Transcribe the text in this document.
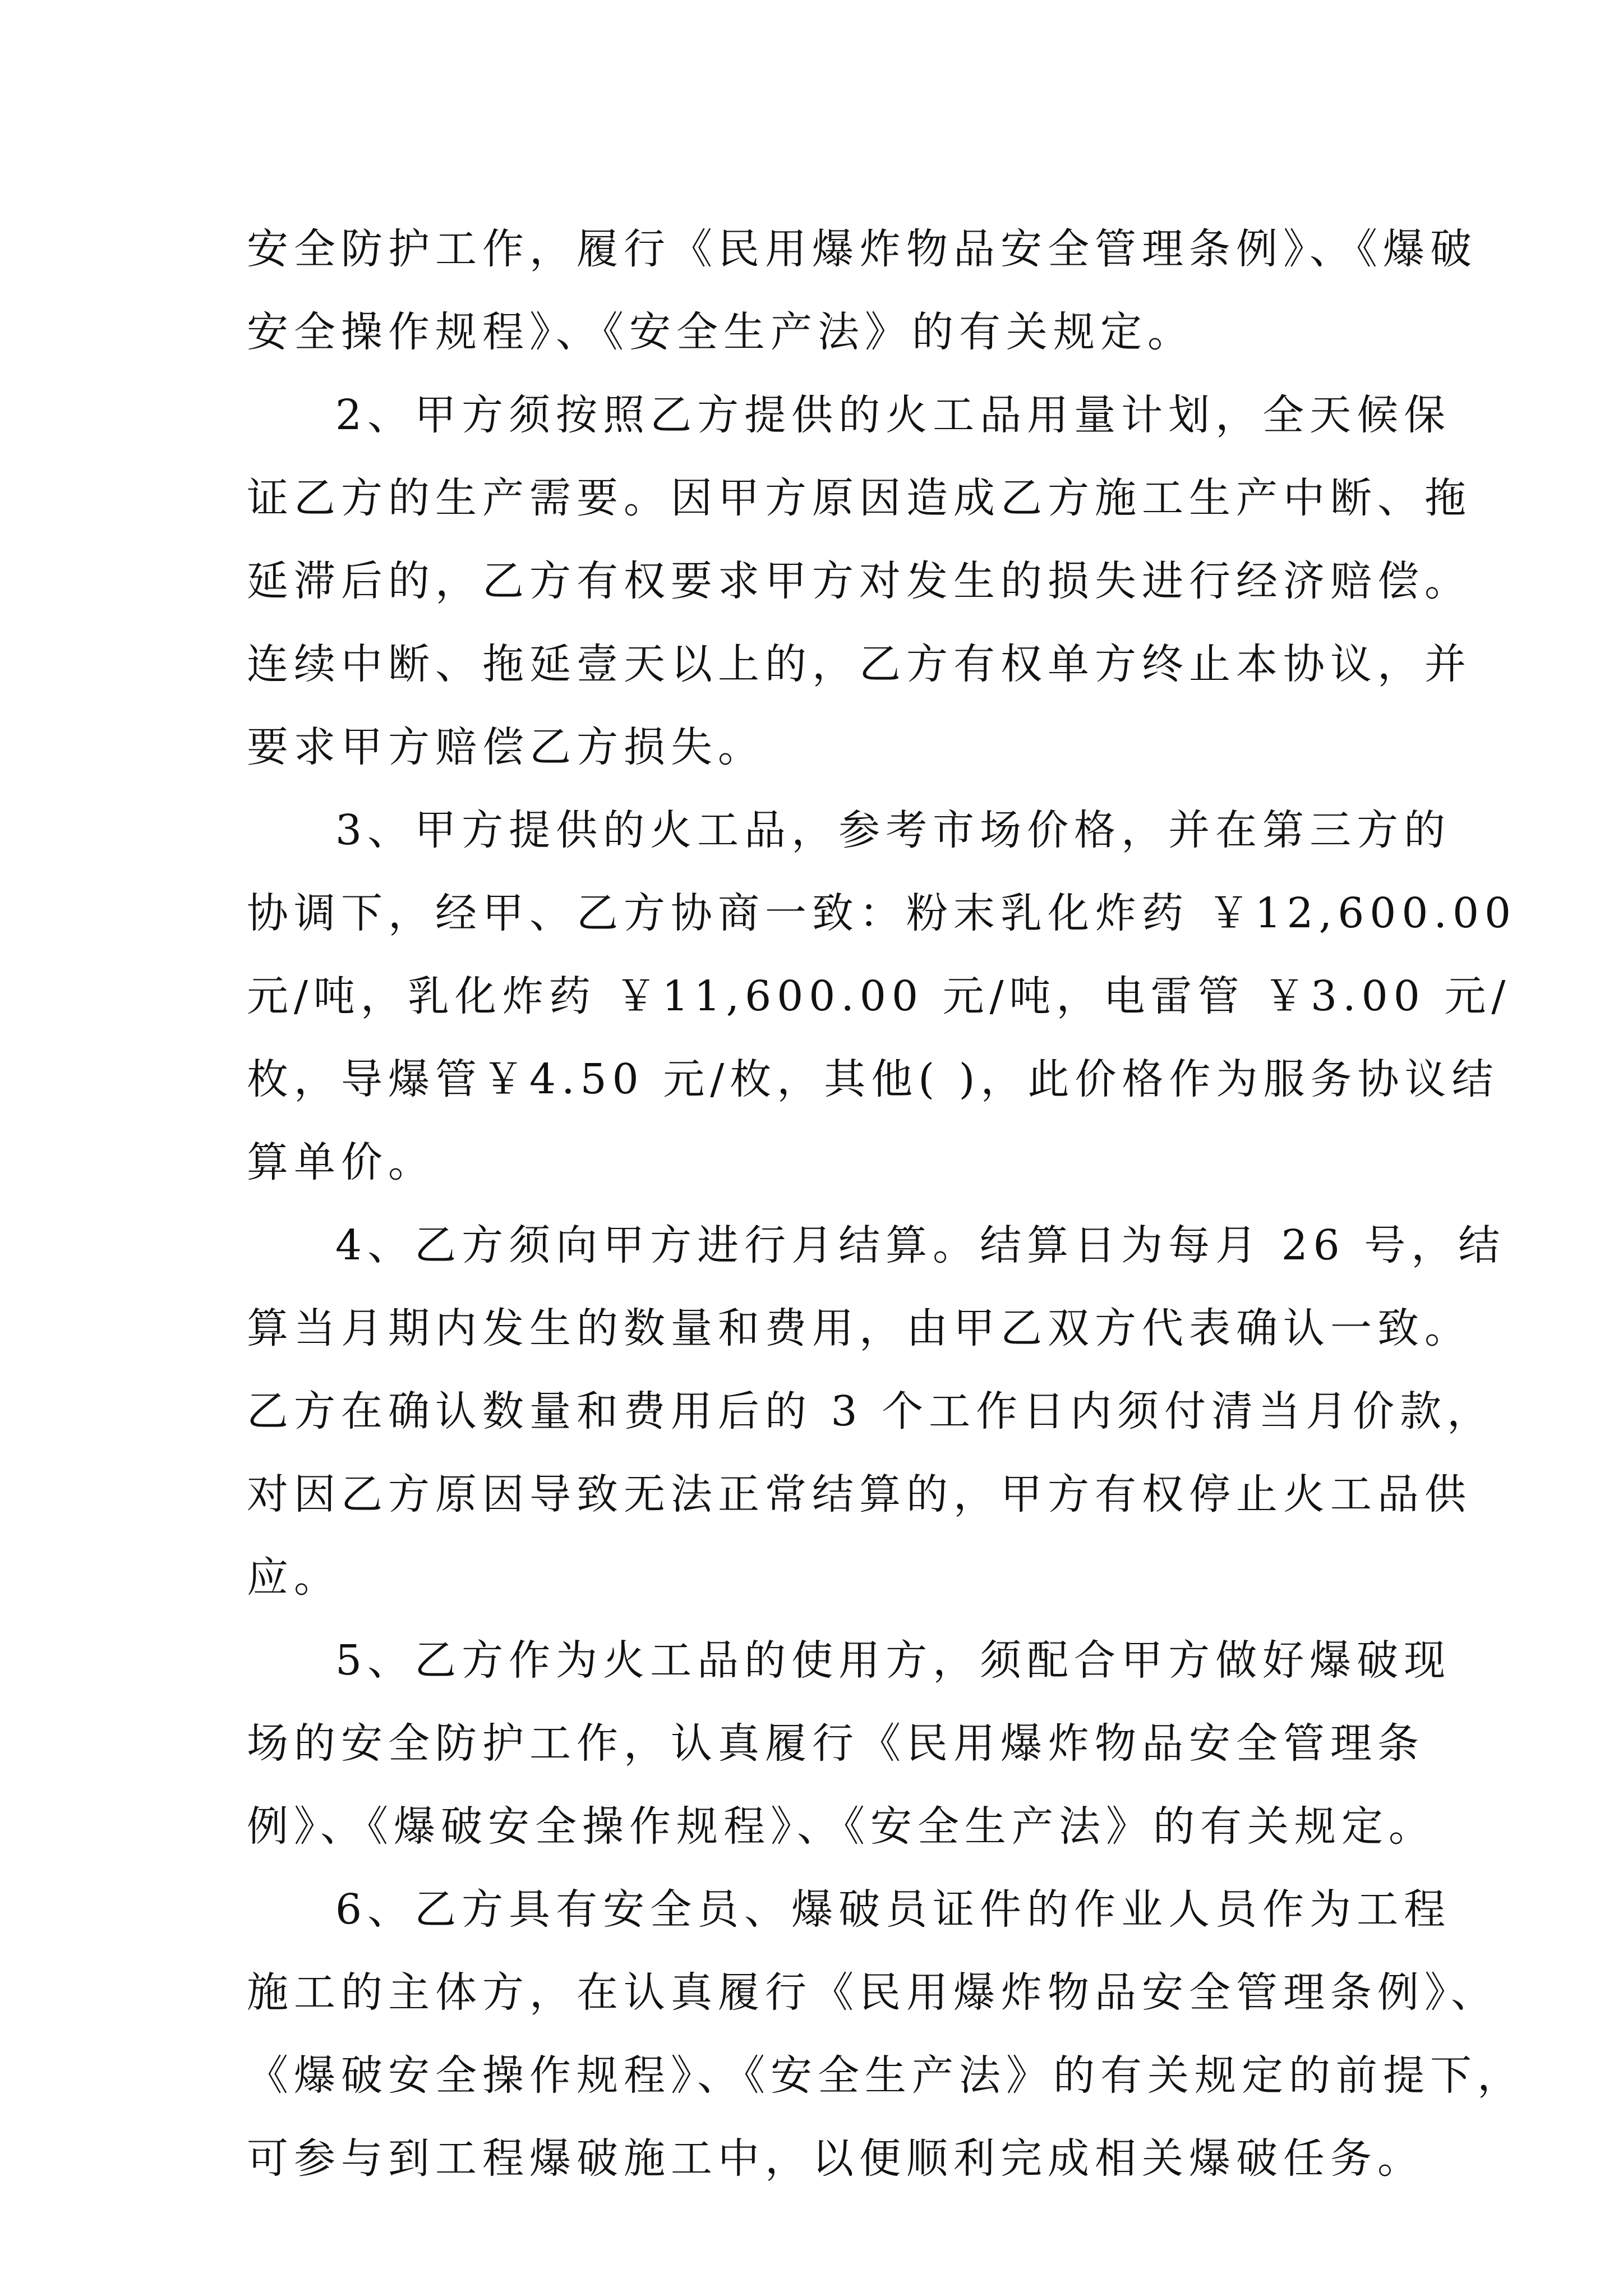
安全防护工作，履行《民用爆炸物品安全管理条例》、《爆破

安全操作规程》、《安全生产法》的有关规定。

2、甲方须按照乙方提供的火工品用量计划，全天候保

证乙方的生产需要。因甲方原因造成乙方施工生产中断、拖

延滞后的，乙方有权要求甲方对发生的损失进行经济赔偿。

连续中断、拖延壹天以上的，乙方有权单方终止本协议，并

要求甲方赔偿乙方损失。

3、甲方提供的火工品，参考市场价格，并在第三方的

协调下，经甲、乙方协商一致：粉末乳化炸药 ￥12,600.00

元/吨，乳化炸药 ￥11,600.00 元/吨，电雷管 ￥3.00 元/

枚，导爆管￥4.50 元/枚，其他( )，此价格作为服务协议结

算单价。

4、乙方须向甲方进行月结算。结算日为每月 26 号，结

算当月期内发生的数量和费用，由甲乙双方代表确认一致。

乙方在确认数量和费用后的 3 个工作日内须付清当月价款，

对因乙方原因导致无法正常结算的，甲方有权停止火工品供

应。

5、乙方作为火工品的使用方，须配合甲方做好爆破现

场的安全防护工作，认真履行《民用爆炸物品安全管理条

例》、《爆破安全操作规程》、《安全生产法》的有关规定。

6、乙方具有安全员、爆破员证件的作业人员作为工程

施工的主体方，在认真履行《民用爆炸物品安全管理条例》、

《爆破安全操作规程》、《安全生产法》的有关规定的前提下，

可参与到工程爆破施工中，以便顺利完成相关爆破任务。
